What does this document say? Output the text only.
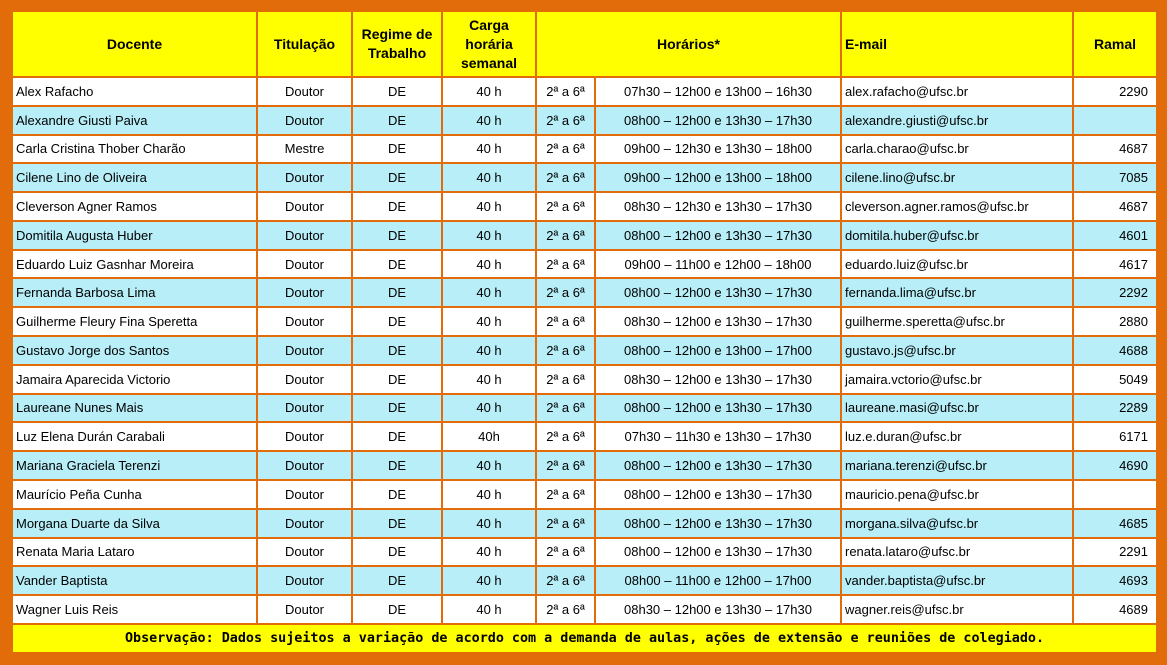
Docente	Titulação	Regime de Trabalho	Carga horária semanal	Horários*		E-mail	Ramal
Alex Rafacho	Doutor	DE	40 h	2ª a 6ª	07h30 – 12h00 e 13h00 – 16h30	alex.rafacho@ufsc.br	2290
Alexandre Giusti Paiva	Doutor	DE	40 h	2ª a 6ª	08h00 – 12h00 e 13h30 – 17h30	alexandre.giusti@ufsc.br	
Carla Cristina Thober Charão	Mestre	DE	40 h	2ª a 6ª	09h00 – 12h30 e 13h30 – 18h00	carla.charao@ufsc.br	4687
Cilene Lino de Oliveira	Doutor	DE	40 h	2ª a 6ª	09h00 – 12h00 e 13h00 – 18h00	cilene.lino@ufsc.br	7085
Cleverson Agner Ramos	Doutor	DE	40 h	2ª a 6ª	08h30 – 12h30 e 13h30 – 17h30	cleverson.agner.ramos@ufsc.br	4687
Domitila Augusta Huber	Doutor	DE	40 h	2ª a 6ª	08h00 – 12h00 e 13h30 – 17h30	domitila.huber@ufsc.br	4601
Eduardo Luiz Gasnhar Moreira	Doutor	DE	40 h	2ª a 6ª	09h00 – 11h00 e 12h00 – 18h00	eduardo.luiz@ufsc.br	4617
Fernanda Barbosa Lima	Doutor	DE	40 h	2ª a 6ª	08h00 – 12h00 e 13h30 – 17h30	fernanda.lima@ufsc.br	2292
Guilherme Fleury Fina Speretta	Doutor	DE	40 h	2ª a 6ª	08h30 – 12h00 e 13h30 – 17h30	guilherme.speretta@ufsc.br	2880
Gustavo Jorge dos Santos	Doutor	DE	40 h	2ª a 6ª	08h00 – 12h00 e 13h00 – 17h00	gustavo.js@ufsc.br	4688
Jamaira Aparecida Victorio	Doutor	DE	40 h	2ª a 6ª	08h30 – 12h00 e 13h30 – 17h30	jamaira.vctorio@ufsc.br	5049
Laureane Nunes Mais	Doutor	DE	40 h	2ª a 6ª	08h00 – 12h00 e 13h30 – 17h30	laureane.masi@ufsc.br	2289
Luz Elena Durán Carabali	Doutor	DE	40h	2ª a 6ª	07h30 – 11h30 e 13h30 – 17h30	luz.e.duran@ufsc.br	6171
Mariana Graciela Terenzi	Doutor	DE	40 h	2ª a 6ª	08h00 – 12h00 e 13h30 – 17h30	mariana.terenzi@ufsc.br	4690
Maurício Peña Cunha	Doutor	DE	40 h	2ª a 6ª	08h00 – 12h00 e 13h30 – 17h30	mauricio.pena@ufsc.br	
Morgana Duarte da Silva	Doutor	DE	40 h	2ª a 6ª	08h00 – 12h00 e 13h30 – 17h30	morgana.silva@ufsc.br	4685
Renata Maria Lataro	Doutor	DE	40 h	2ª a 6ª	08h00 – 12h00 e 13h30 – 17h30	renata.lataro@ufsc.br	2291
Vander Baptista	Doutor	DE	40 h	2ª a 6ª	08h00 – 11h00 e 12h00 – 17h00	vander.baptista@ufsc.br	4693
Wagner Luis Reis	Doutor	DE	40 h	2ª a 6ª	08h30 – 12h00 e 13h30 – 17h30	wagner.reis@ufsc.br	4689
Observação: Dados sujeitos a variação de acordo com a demanda de aulas, ações de extensão e reuniões de colegiado.							
